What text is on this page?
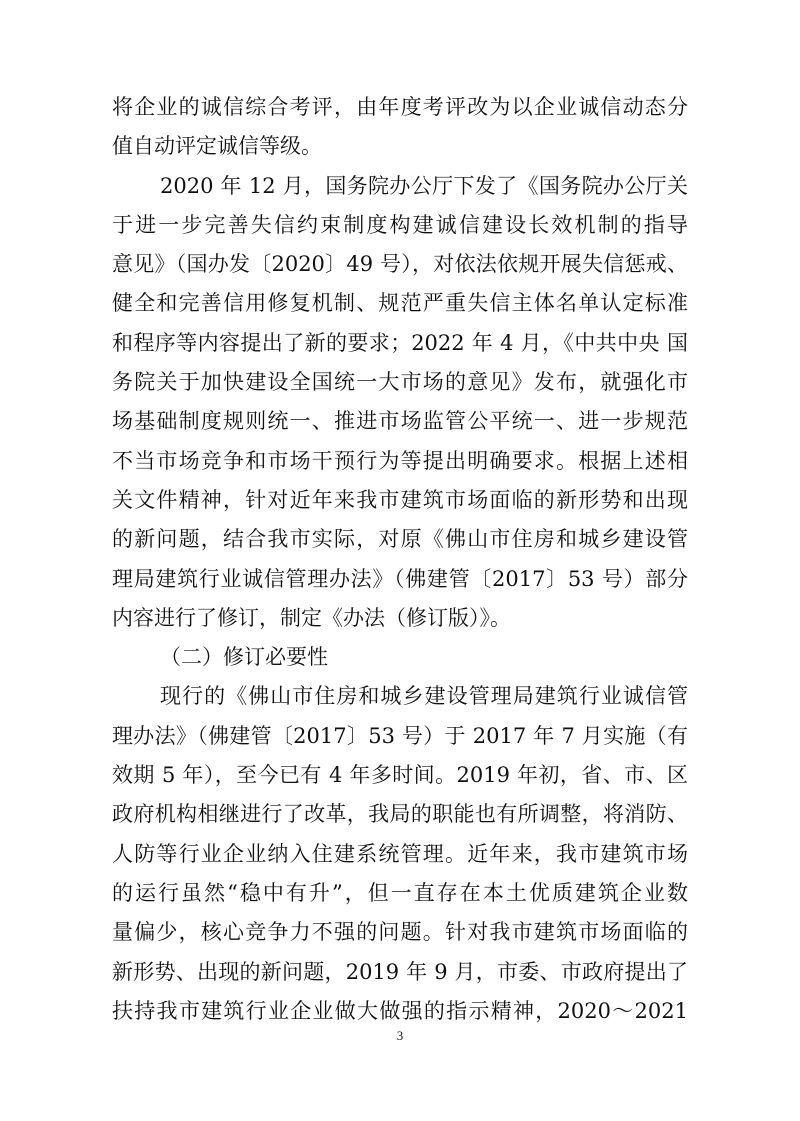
将企业的诚信综合考评，由年度考评改为以企业诚信动态分
值自动评定诚信等级。
2020 年 12 月，国务院办公厅下发了《国务院办公厅关
于进一步完善失信约束制度构建诚信建设长效机制的指导
意见》（国办发〔2020〕49 号），对依法依规开展失信惩戒、
健全和完善信用修复机制、规范严重失信主体名单认定标准
和程序等内容提出了新的要求；2022 年 4 月，《中共中央 国
务院关于加快建设全国统一大市场的意见》发布，就强化市
场基础制度规则统一、推进市场监管公平统一、进一步规范
不当市场竞争和市场干预行为等提出明确要求。根据上述相
关文件精神，针对近年来我市建筑市场面临的新形势和出现
的新问题，结合我市实际，对原《佛山市住房和城乡建设管
理局建筑行业诚信管理办法》（佛建管〔2017〕53 号）部分
内容进行了修订，制定《办法（修订版）》。
（二）修订必要性
现行的《佛山市住房和城乡建设管理局建筑行业诚信管
理办法》（佛建管〔2017〕53 号）于 2017 年 7 月实施（有
效期 5 年），至今已有 4 年多时间。2019 年初，省、市、区
政府机构相继进行了改革，我局的职能也有所调整，将消防、
人防等行业企业纳入住建系统管理。近年来，我市建筑市场
的运行虽然“稳中有升”，但一直存在本土优质建筑企业数
量偏少，核心竞争力不强的问题。针对我市建筑市场面临的
新形势、出现的新问题，2019 年 9 月，市委、市政府提出了
扶持我市建筑行业企业做大做强的指示精神，2020～2021
3
